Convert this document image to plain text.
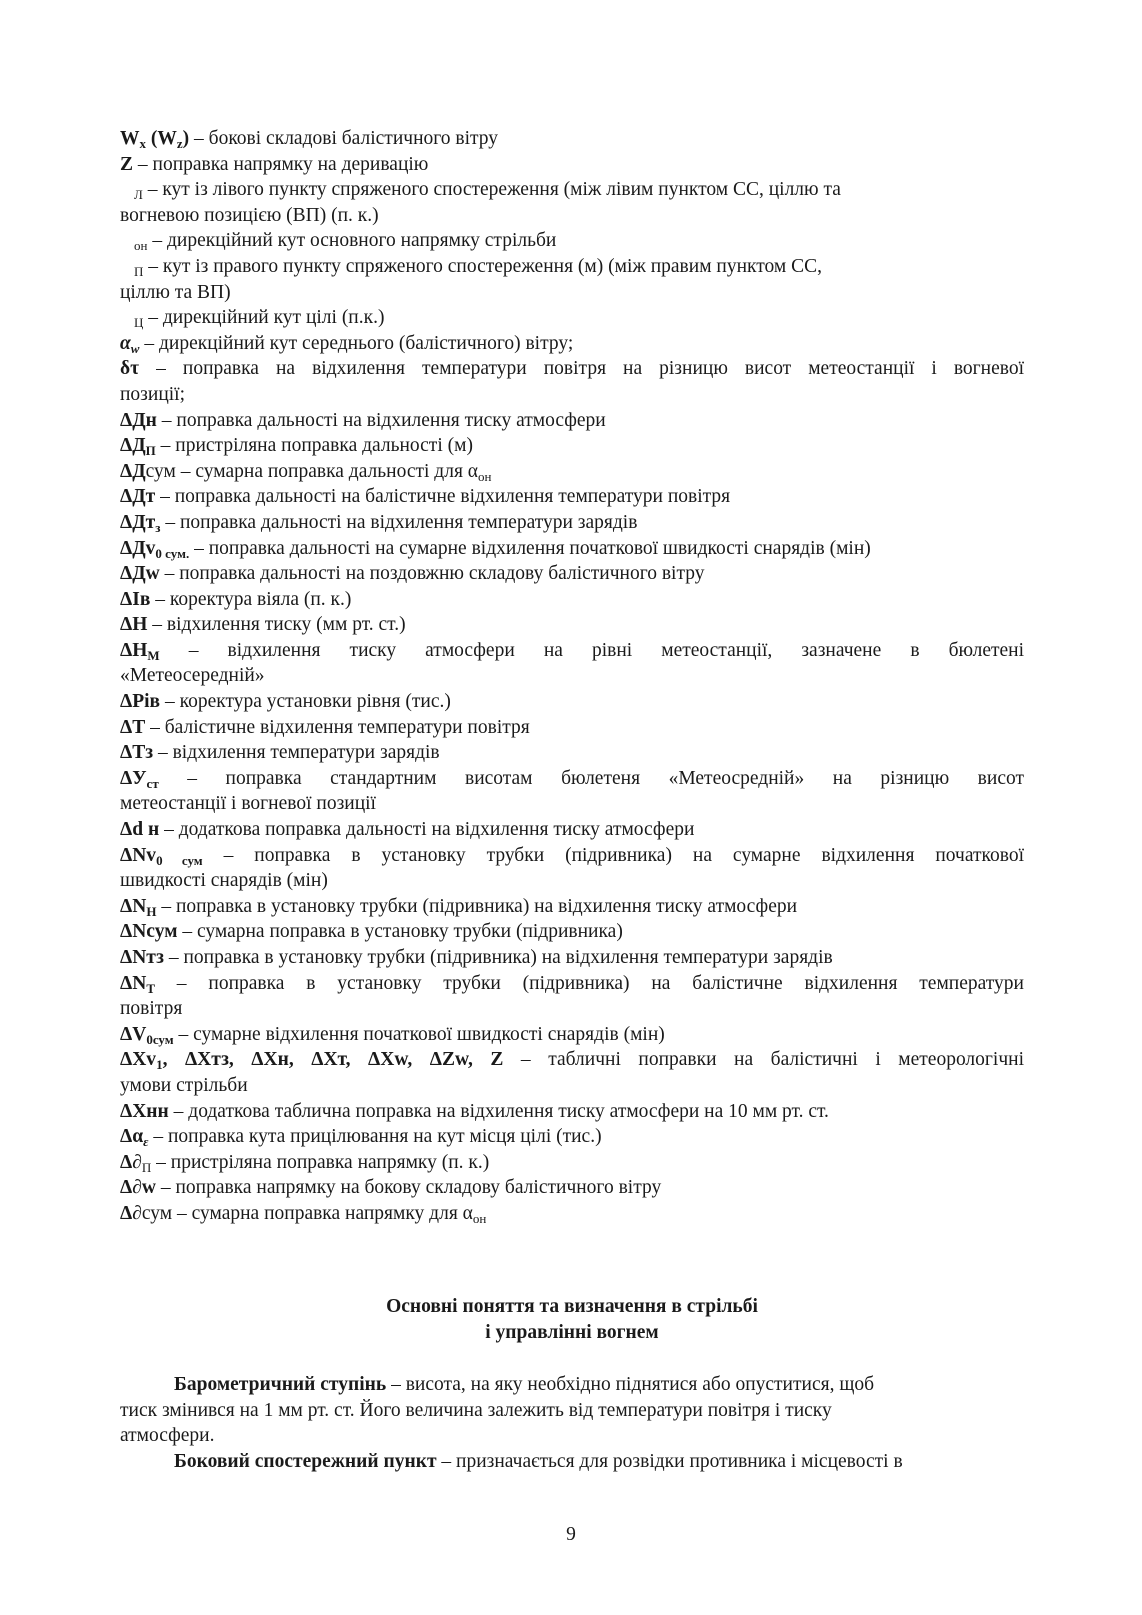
$W_x$ $(W_z)$ – бокові складові балістичного вітру
Z – поправка напрямку на деривацію
$_Л$ – кут із лівого пункту спряженого спостереження (між лівим пунктом СС, ціллю та
вогневою позицією (ВП) (п. к.)
$_{он}$ – дирекційний кут основного напрямку стрільби
$_П$ – кут із правого пункту спряженого спостереження (м) (між правим пунктом СС,
ціллю та ВП)
$_Ц$ – дирекційний кут цілі (п.к.)
$\alpha_w$ – дирекційний кут середнього (балістичного) вітру;
δτ – поправка на відхилення температури повітря на різницю висот метеостанції і вогневої
позиції;
ΔДн – поправка дальності на відхилення тиску атмосфери
$\Delta Д_П$ – пристріляна поправка дальності (м)
ΔДсум – сумарна поправка дальності для $\alpha_{он}$
ΔДт – поправка дальності на балістичне відхилення температури повітря
ΔДт$_з$ – поправка дальності на відхилення температури зарядів
ΔДv$_{0 сум.}$ – поправка дальності на сумарне відхилення початкової швидкості снарядів (мін)
ΔДw – поправка дальності на поздовжню складову балістичного вітру
ΔIв – коректура віяла (п. к.)
ΔH – відхилення тиску (мм рт. ст.)
$\Delta H_M$ – відхилення тиску атмосфери на рівні метеостанції, зазначене в бюлетені
«Метеосередній»
ΔРів – коректура установки рівня (тис.)
ΔT – балістичне відхилення температури повітря
ΔTз – відхилення температури зарядів
$\Delta У_{ст}$ – поправка стандартним висотам бюлетеня «Метеосредній» на різницю висот
метеостанції і вогневої позиції
Δd н – додаткова поправка дальності на відхилення тиску атмосфери
ΔNv$_{0 сум}$ – поправка в установку трубки (підривника) на сумарне відхилення початкової
швидкості снарядів (мін)
$\Delta N_H$ – поправка в установку трубки (підривника) на відхилення тиску атмосфери
ΔNсум – сумарна поправка в установку трубки (підривника)
ΔNтз – поправка в установку трубки (підривника) на відхилення температури зарядів
$\Delta N_T$ – поправка в установку трубки (підривника) на балістичне відхилення температури
повітря
$\Delta V_{0сум}$ – сумарне відхилення початкової швидкості снарядів (мін)
ΔXv$_1$, ΔXтз, ΔXн, ΔXт, ΔXw, ΔZw, Z – табличні поправки на балістичні і метеорологічні
умови стрільби
ΔXнн – додаткова таблична поправка на відхилення тиску атмосфери на 10 мм рт. ст.
$\Delta\alpha_\varepsilon$ – поправка кута прицілювання на кут місця цілі (тис.)
$\Delta\partial_П$ – пристріляна поправка напрямку (п. к.)
Δ∂w – поправка напрямку на бокову складову балістичного вітру
Δ∂сум – сумарна поправка напрямку для $\alpha_{он}$
Основні поняття та визначення в стрільбі
і управлінні вогнем
Барометричний ступінь – висота, на яку необхідно піднятися або опуститися, щоб
тиск змінився на 1 мм рт. ст. Його величина залежить від температури повітря і тиску
атмосфери.
Боковий спостережний пункт – призначається для розвідки противника і місцевості в
9
